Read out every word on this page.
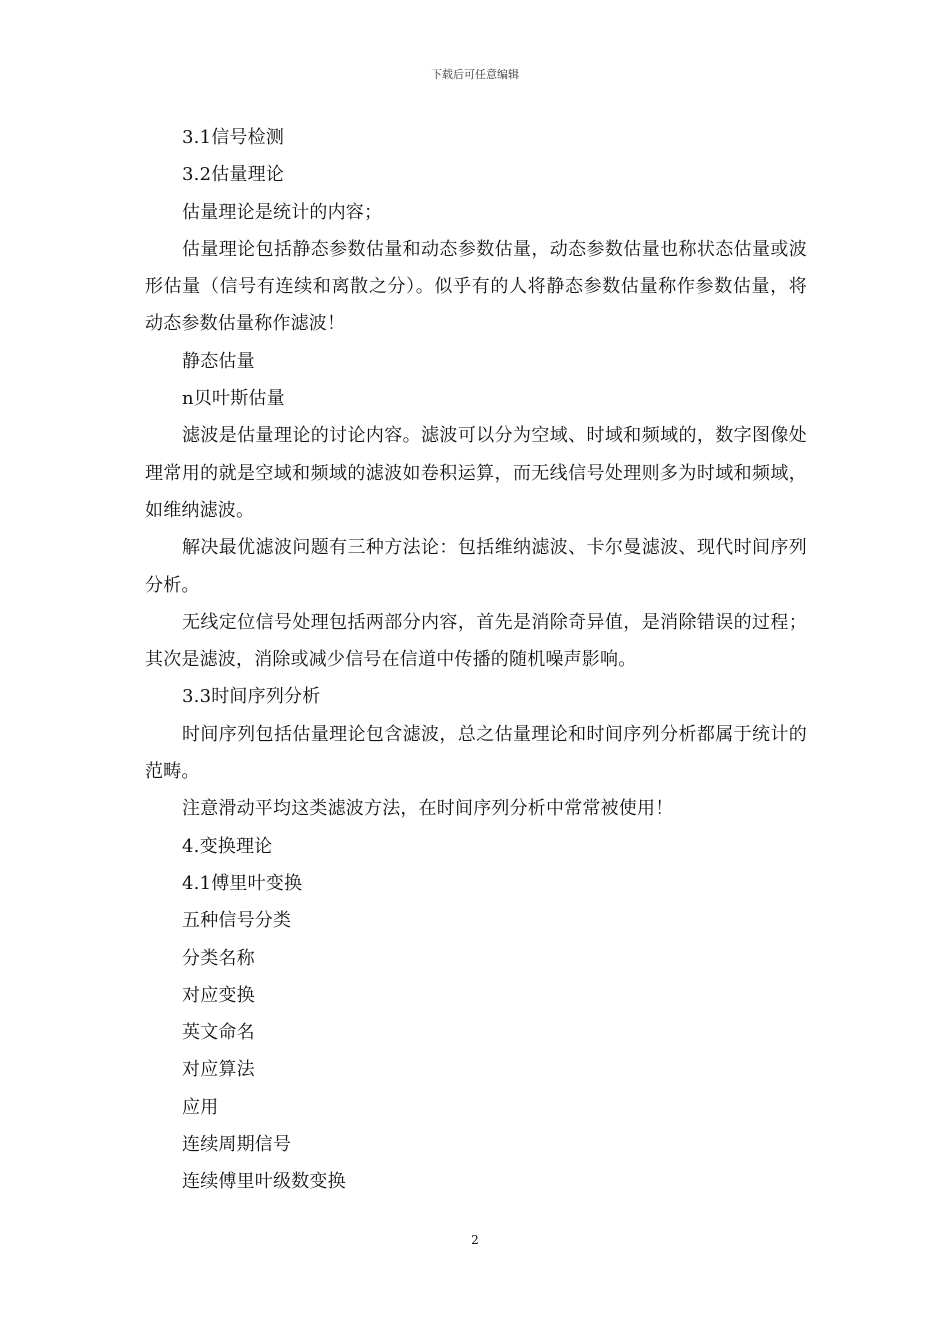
下载后可任意编辑

3.1信号检测

3.2估量理论

估量理论是统计的内容；

估量理论包括静态参数估量和动态参数估量，动态参数估量也称状态估量或波形估量（信号有连续和离散之分）。似乎有的人将静态参数估量称作参数估量，将动态参数估量称作滤波！

静态估量

n贝叶斯估量

滤波是估量理论的讨论内容。滤波可以分为空域、时域和频域的，数字图像处理常用的就是空域和频域的滤波如卷积运算，而无线信号处理则多为时域和频域，如维纳滤波。

解决最优滤波问题有三种方法论：包括维纳滤波、卡尔曼滤波、现代时间序列分析。

无线定位信号处理包括两部分内容，首先是消除奇异值，是消除错误的过程；其次是滤波，消除或减少信号在信道中传播的随机噪声影响。

3.3时间序列分析

时间序列包括估量理论包含滤波，总之估量理论和时间序列分析都属于统计的范畴。

注意滑动平均这类滤波方法，在时间序列分析中常常被使用！

4.变换理论

4.1傅里叶变换

五种信号分类

分类名称

对应变换

英文命名

对应算法

应用

连续周期信号

连续傅里叶级数变换

2
